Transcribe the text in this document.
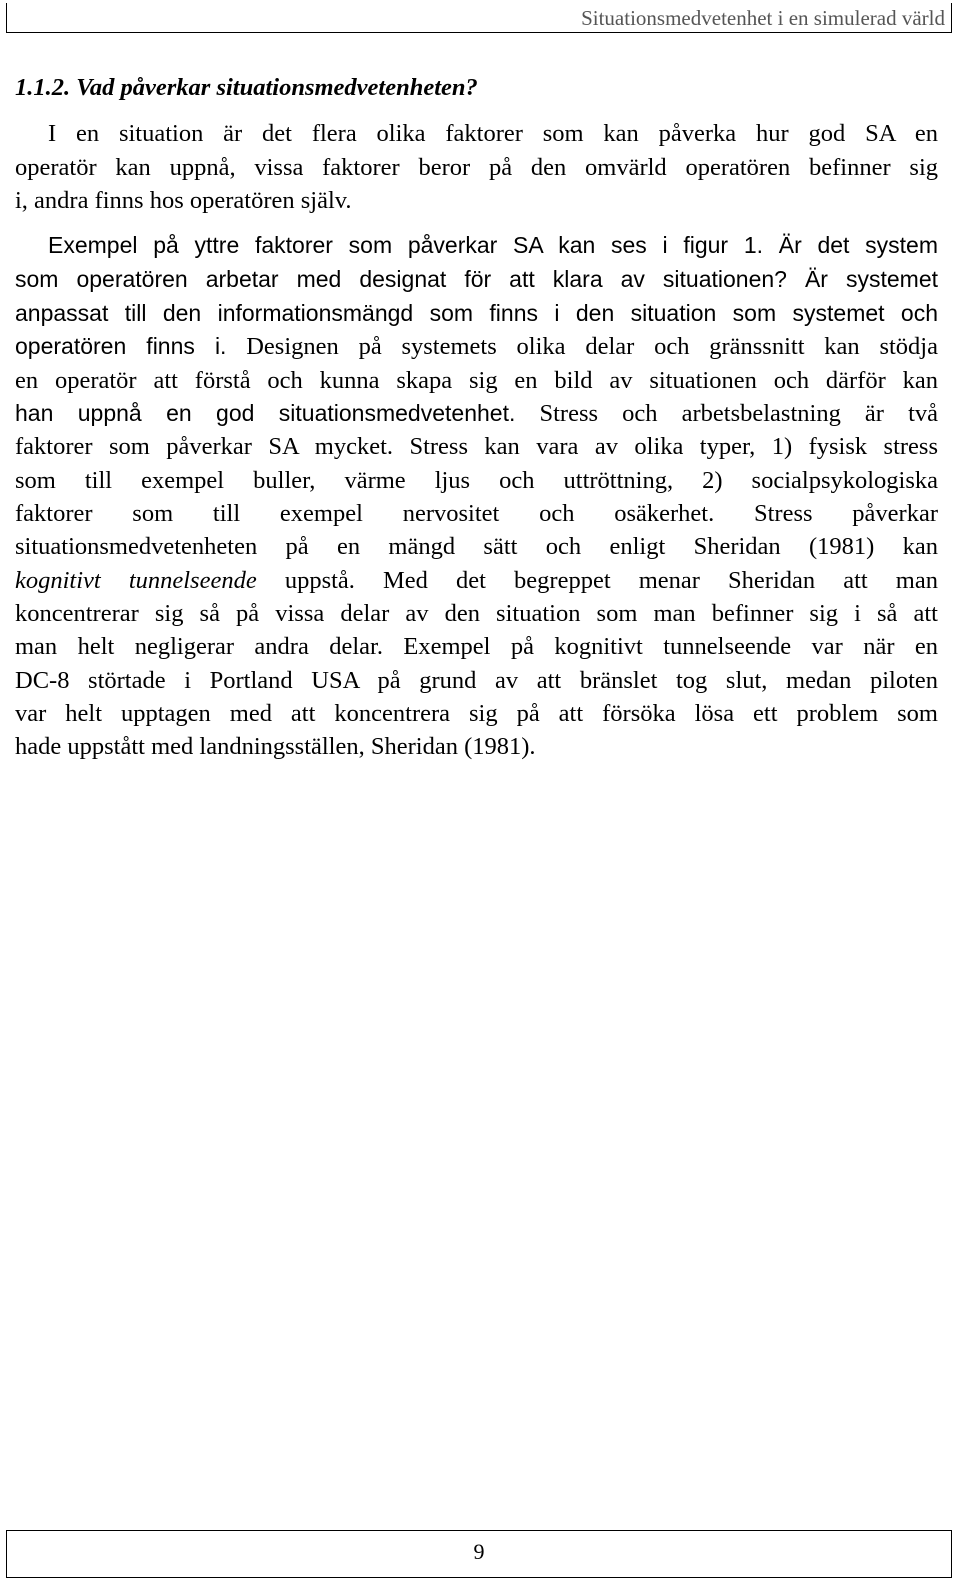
Situationsmedvetenhet i en simulerad värld
1.1.2. Vad påverkar situationsmedvetenheten?
I en situation är det flera olika faktorer som kan påverka hur god SA en
operatör kan uppnå, vissa faktorer beror på den omvärld operatören befinner sig
i, andra finns hos operatören själv.
Exempel på yttre faktorer som påverkar SA kan ses i figur 1. Är det system
som operatören arbetar med designat för att klara av situationen? Är systemet
anpassat till den informationsmängd som finns i den situation som systemet och
operatören finns i. Designen på systemets olika delar och gränssnitt kan stödja
en operatör att förstå och kunna skapa sig en bild av situationen och därför kan
han uppnå en god situationsmedvetenhet. Stress och arbetsbelastning är två
faktorer som påverkar SA mycket. Stress kan vara av olika typer, 1) fysisk stress
som till exempel buller, värme ljus och uttröttning, 2) socialpsykologiska
faktorer som till exempel nervositet och osäkerhet. Stress påverkar
situationsmedvetenheten på en mängd sätt och enligt Sheridan (1981) kan
kognitivt tunnelseende uppstå. Med det begreppet menar Sheridan att man
koncentrerar sig så på vissa delar av den situation som man befinner sig i så att
man helt negligerar andra delar. Exempel på kognitivt tunnelseende var när en
DC-8 störtade i Portland USA på grund av att bränslet tog slut, medan piloten
var helt upptagen med att koncentrera sig på att försöka lösa ett problem som
hade uppstått med landningsställen, Sheridan (1981).
9
